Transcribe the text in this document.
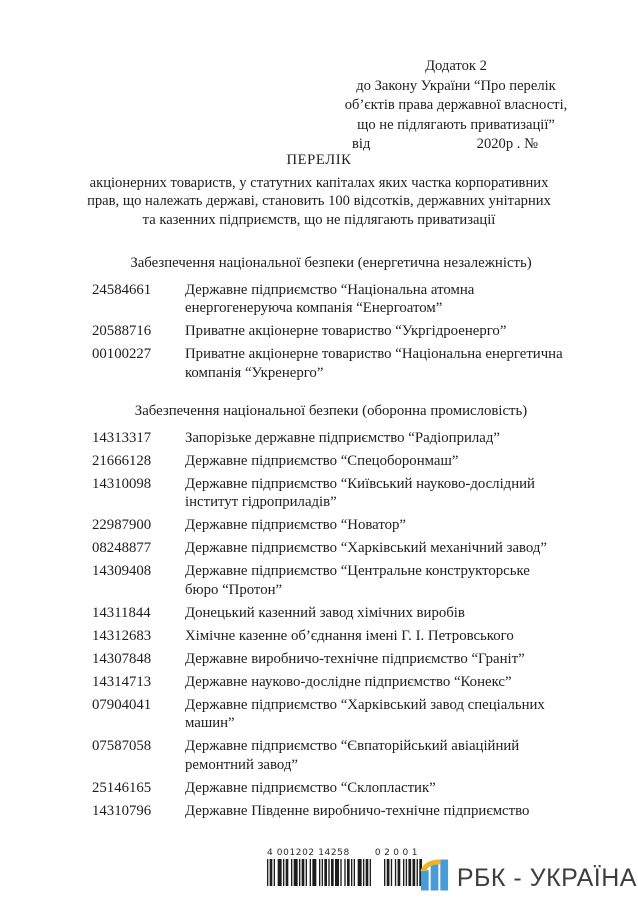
Додаток 2
до Закону України “Про перелік
об’єктів права державної власності,
що не підлягають приватизації”
від	2020р . №
ПЕРЕЛІК
акціонерних товариств, у статутних капіталах яких частка корпоративних
прав, що належать державі, становить 100 відсотків, державних унітарних
та казенних підприємств, що не підлягають приватизації
Забезпечення національної безпеки (енергетична незалежність)
24584661	Державне підприємство “Національна атомна енергогенеруюча компанія “Енергоатом”
20588716	Приватне акціонерне товариство “Укргідроенерго”
00100227	Приватне акціонерне товариство “Національна енергетична компанія “Укренерго”
Забезпечення національної безпеки (оборонна промисловість)
14313317	Запорізьке державне підприємство “Радіоприлад”
21666128	Державне підприємство “Спецоборонмаш”
14310098	Державне підприємство “Київський науково-дослідний інститут гідроприладів”
22987900	Державне підприємство “Новатор”
08248877	Державне підприємство “Харківський механічний завод”
14309408	Державне підприємство “Центральне конструкторське бюро “Протон”
14311844	Донецький казенний завод хімічних виробів
14312683	Хімічне казенне об’єднання імені Г. І. Петровського
14307848	Державне виробничо-технічне підприємство “Граніт”
14314713	Державне науково-дослідне підприємство “Конекс”
07904041	Державне підприємство “Харківський завод спеціальних машин”
07587058	Державне підприємство “Євпаторійський авіаційний ремонтний завод”
25146165	Державне підприємство “Склопластик”
14310796	Державне Південне виробничо-технічне підприємство
4 001202 14258	02001
РБК - УКРАЇНА
